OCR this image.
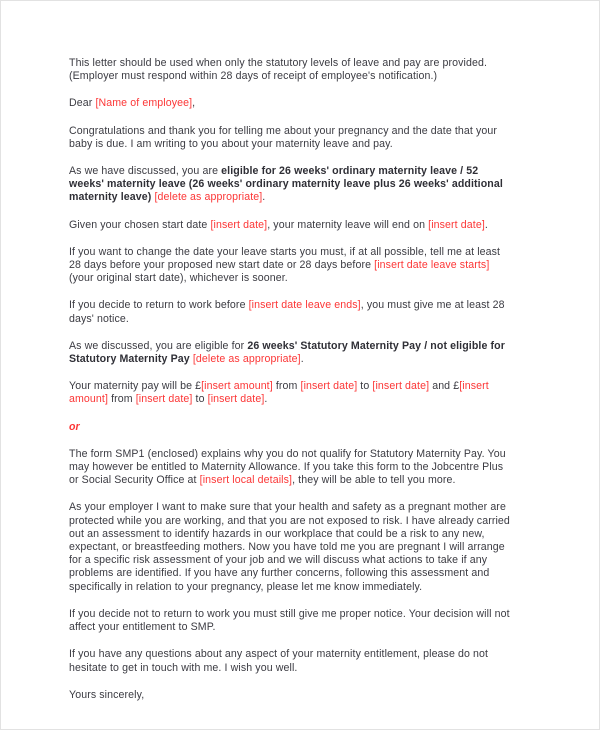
This letter should be used when only the statutory levels of leave and pay are provided.
(Employer must respond within 28 days of receipt of employee's notification.)

Dear [Name of employee],

Congratulations and thank you for telling me about your pregnancy and the date that your baby is due. I am writing to you about your maternity leave and pay.

As we have discussed, you are eligible for 26 weeks' ordinary maternity leave / 52 weeks' maternity leave (26 weeks' ordinary maternity leave plus 26 weeks' additional maternity leave) [delete as appropriate].

Given your chosen start date [insert date], your maternity leave will end on [insert date].

If you want to change the date your leave starts you must, if at all possible, tell me at least 28 days before your proposed new start date or 28 days before [insert date leave starts] (your original start date), whichever is sooner.

If you decide to return to work before [insert date leave ends], you must give me at least 28 days' notice.

As we discussed, you are eligible for 26 weeks' Statutory Maternity Pay / not eligible for Statutory Maternity Pay [delete as appropriate].

Your maternity pay will be £[insert amount] from [insert date] to [insert date] and £[insert amount] from [insert date] to [insert date].

or

The form SMP1 (enclosed) explains why you do not qualify for Statutory Maternity Pay. You may however be entitled to Maternity Allowance. If you take this form to the Jobcentre Plus or Social Security Office at [insert local details], they will be able to tell you more.

As your employer I want to make sure that your health and safety as a pregnant mother are protected while you are working, and that you are not exposed to risk. I have already carried out an assessment to identify hazards in our workplace that could be a risk to any new, expectant, or breastfeeding mothers. Now you have told me you are pregnant I will arrange for a specific risk assessment of your job and we will discuss what actions to take if any problems are identified. If you have any further concerns, following this assessment and specifically in relation to your pregnancy, please let me know immediately.

If you decide not to return to work you must still give me proper notice. Your decision will not affect your entitlement to SMP.

If you have any questions about any aspect of your maternity entitlement, please do not hesitate to get in touch with me. I wish you well.

Yours sincerely,
